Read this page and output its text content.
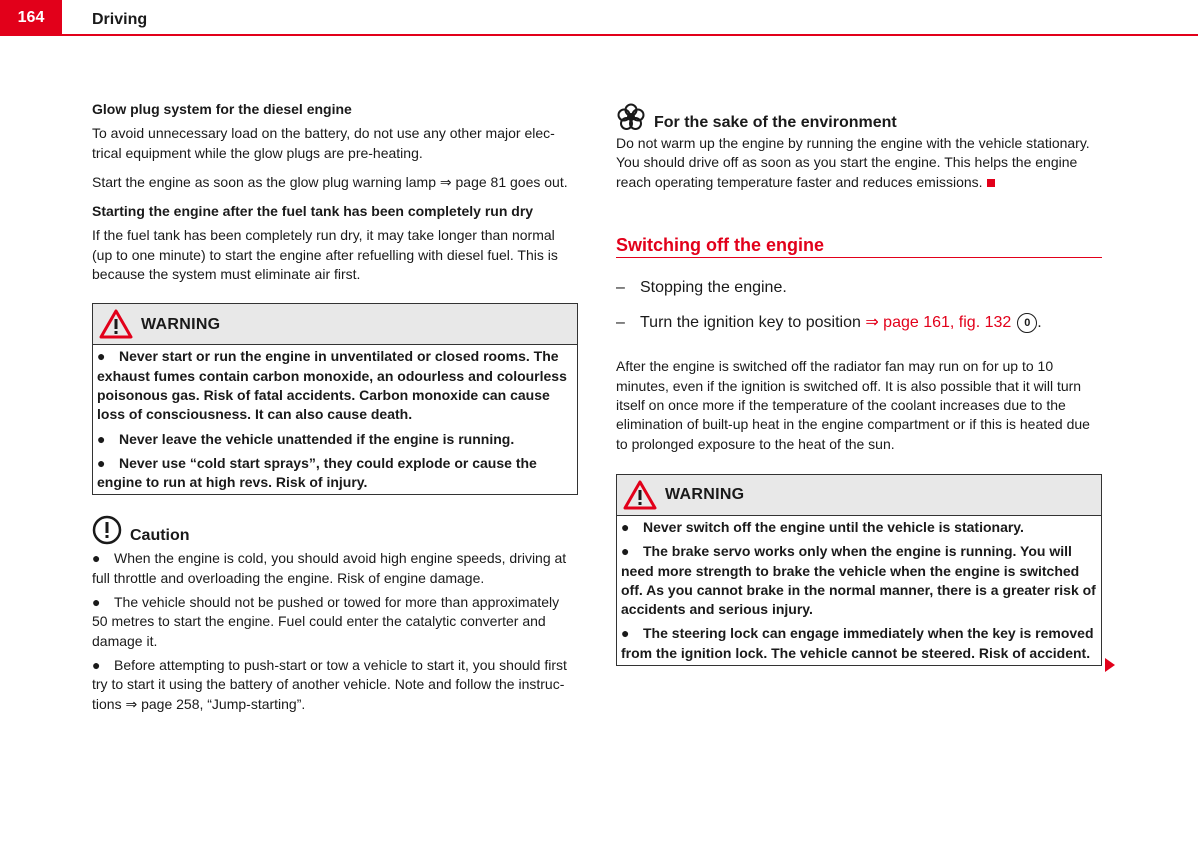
164	Driving
Glow plug system for the diesel engine

To avoid unnecessary load on the battery, do not use any other major elec-trical equipment while the glow plugs are pre-heating.

Start the engine as soon as the glow plug warning lamp ⇒ page 81 goes out.

Starting the engine after the fuel tank has been completely run dry

If the fuel tank has been completely run dry, it may take longer than normal (up to one minute) to start the engine after refuelling with diesel fuel. This is because the system must eliminate air first.

WARNING
● Never start or run the engine in unventilated or closed rooms. The exhaust fumes contain carbon monoxide, an odourless and colourless poisonous gas. Risk of fatal accidents. Carbon monoxide can cause loss of consciousness. It can also cause death.
● Never leave the vehicle unattended if the engine is running.
● Never use “cold start sprays”, they could explode or cause the engine to run at high revs. Risk of injury.
Caution
● When the engine is cold, you should avoid high engine speeds, driving at full throttle and overloading the engine. Risk of engine damage.
● The vehicle should not be pushed or towed for more than approximately 50 metres to start the engine. Fuel could enter the catalytic converter and damage it.
● Before attempting to push-start or tow a vehicle to start it, you should first try to start it using the battery of another vehicle. Note and follow the instruc-tions ⇒ page 258, “Jump-starting”.
For the sake of the environment

Do not warm up the engine by running the engine with the vehicle stationary. You should drive off as soon as you start the engine. This helps the engine reach operating temperature faster and reduces emissions.

Switching off the engine
– Stopping the engine.
– Turn the ignition key to position ⇒ page 161, fig. 132 0 .

After the engine is switched off the radiator fan may run on for up to 10 minutes, even if the ignition is switched off. It is also possible that it will turn itself on once more if the temperature of the coolant increases due to the elimination of built-up heat in the engine compartment or if this is heated due to prolonged exposure to the heat of the sun.

WARNING
● Never switch off the engine until the vehicle is stationary.
● The brake servo works only when the engine is running. You will need more strength to brake the vehicle when the engine is switched off. As you cannot brake in the normal manner, there is a greater risk of accidents and serious injury.
● The steering lock can engage immediately when the key is removed from the ignition lock. The vehicle cannot be steered. Risk of accident.
